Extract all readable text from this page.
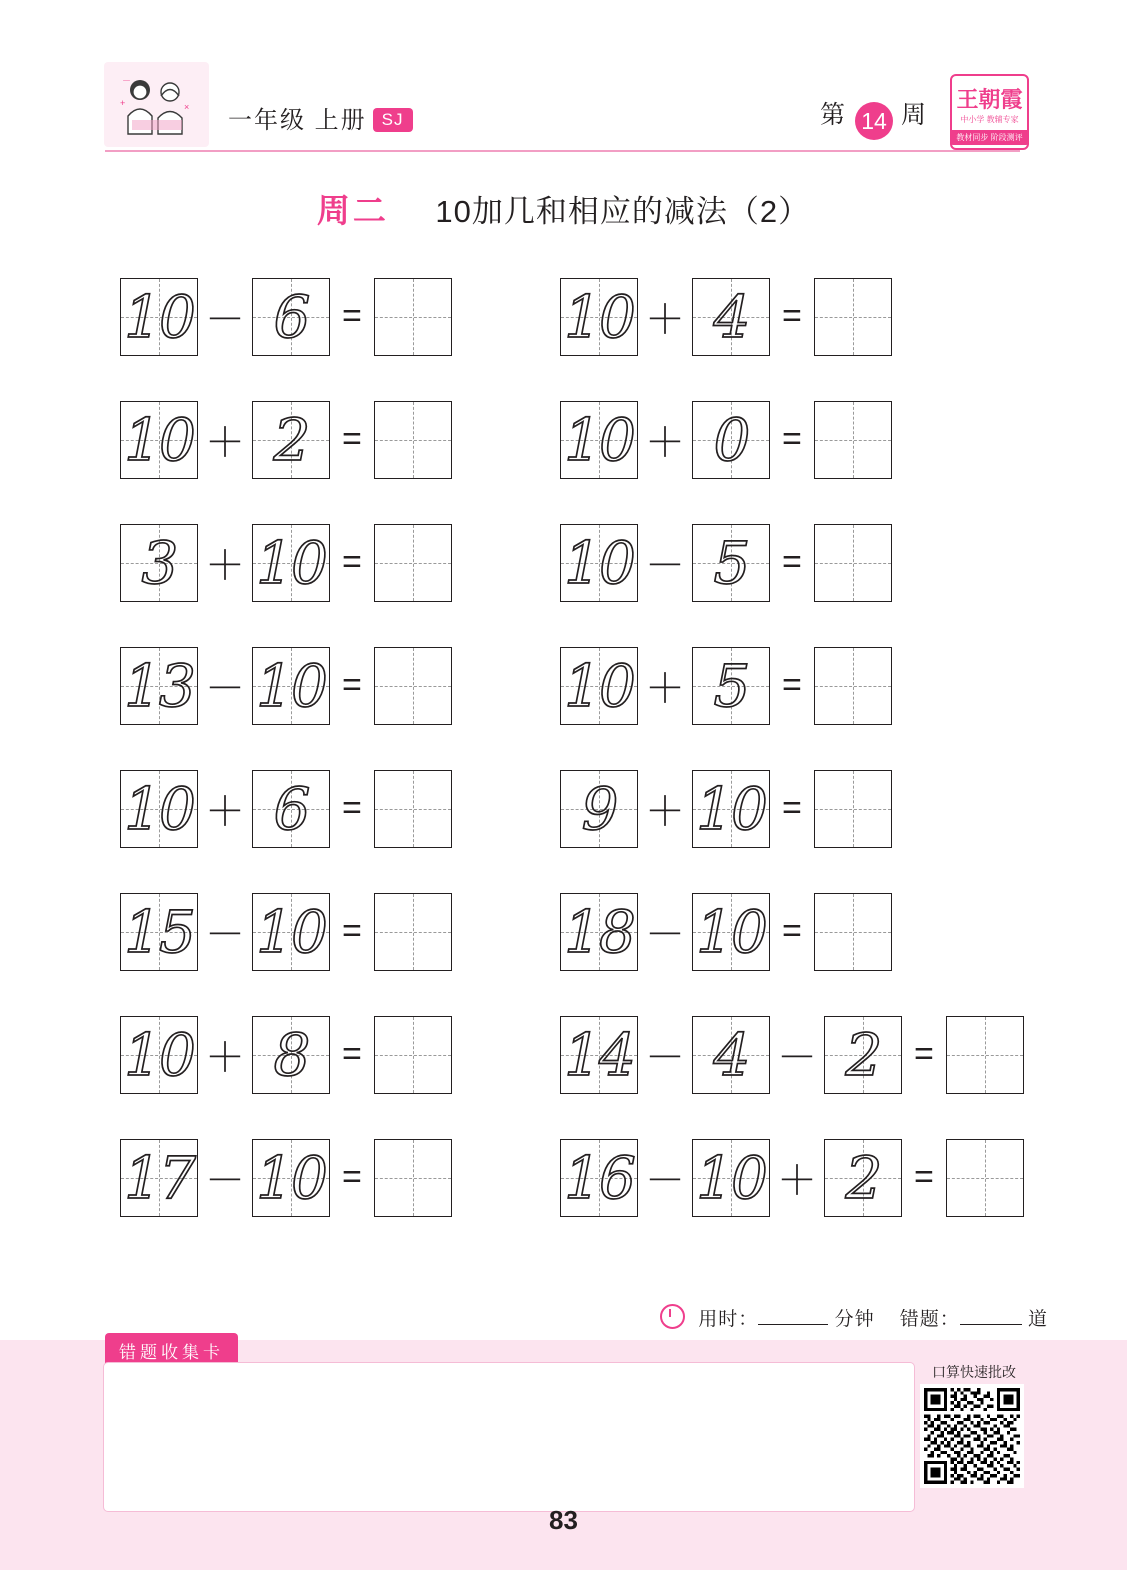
+	×
－
一年级 上册 SJ	第 14 周
王朝霞
中小学 教辅专家
教材同步 阶段测评
周二 10加几和相应的减法（2）
10 － 6 =	10 ＋ 4 =
10 ＋ 2 =	10 ＋ 0 =
3 ＋ 10 =	10 － 5 =
13 － 10 =	10 ＋ 5 =
10 ＋ 6 =	9 ＋ 10 =
15 － 10 =	18 － 10 =
10 ＋ 8 =	14 － 4 － 2 =
17 － 10 =	16 － 10 ＋ 2 =
用时：	分钟 错题：	道
错题收集卡
口算快速批改
83
